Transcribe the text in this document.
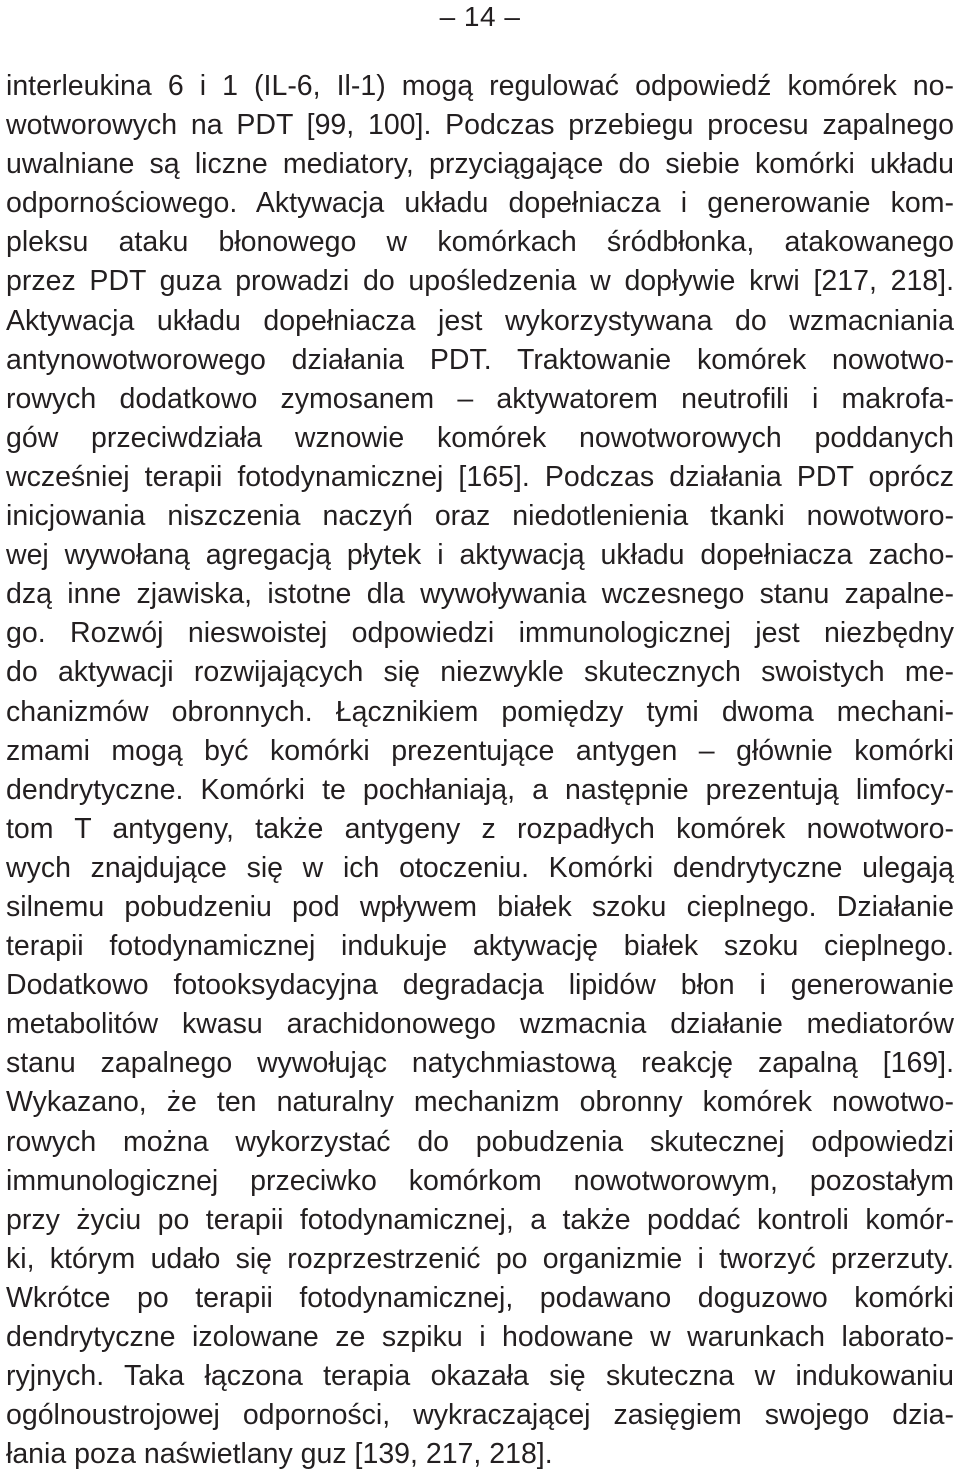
– 14 –
interleukina 6 i 1 (IL-6, Il-1) mogą regulować odpowiedź komórek no-
wotworowych na PDT [99, 100]. Podczas przebiegu procesu zapalnego
uwalniane są liczne mediatory, przyciągające do siebie komórki układu
odpornościowego. Aktywacja układu dopełniacza i generowanie kom-
pleksu ataku błonowego w komórkach śródbłonka, atakowanego
przez PDT guza prowadzi do upośledzenia w dopływie krwi [217, 218].
Aktywacja układu dopełniacza jest wykorzystywana do wzmacniania
antynowotworowego działania PDT. Traktowanie komórek nowotwo-
rowych dodatkowo zymosanem – aktywatorem neutrofili i makrofa-
gów przeciwdziała wznowie komórek nowotworowych poddanych
wcześniej terapii fotodynamicznej [165]. Podczas działania PDT oprócz
inicjowania niszczenia naczyń oraz niedotlenienia tkanki nowotworo-
wej wywołaną agregacją płytek i aktywacją układu dopełniacza zacho-
dzą inne zjawiska, istotne dla wywoływania wczesnego stanu zapalne-
go. Rozwój nieswoistej odpowiedzi immunologicznej jest niezbędny
do aktywacji rozwijających się niezwykle skutecznych swoistych me-
chanizmów obronnych. Łącznikiem pomiędzy tymi dwoma mechani-
zmami mogą być komórki prezentujące antygen – głównie komórki
dendrytyczne. Komórki te pochłaniają, a następnie prezentują limfocy-
tom T antygeny, także antygeny z rozpadłych komórek nowotworo-
wych znajdujące się w ich otoczeniu. Komórki dendrytyczne ulegają
silnemu pobudzeniu pod wpływem białek szoku cieplnego. Działanie
terapii fotodynamicznej indukuje aktywację białek szoku cieplnego.
Dodatkowo fotooksydacyjna degradacja lipidów błon i generowanie
metabolitów kwasu arachidonowego wzmacnia działanie mediatorów
stanu zapalnego wywołując natychmiastową reakcję zapalną [169].
Wykazano, że ten naturalny mechanizm obronny komórek nowotwo-
rowych można wykorzystać do pobudzenia skutecznej odpowiedzi
immunologicznej przeciwko komórkom nowotworowym, pozostałym
przy życiu po terapii fotodynamicznej, a także poddać kontroli komór-
ki, którym udało się rozprzestrzenić po organizmie i tworzyć przerzuty.
Wkrótce po terapii fotodynamicznej, podawano doguzowo komórki
dendrytyczne izolowane ze szpiku i hodowane w warunkach laborato-
ryjnych. Taka łączona terapia okazała się skuteczna w indukowaniu
ogólnoustrojowej odporności, wykraczającej zasięgiem swojego dzia-
łania poza naświetlany guz [139, 217, 218].
